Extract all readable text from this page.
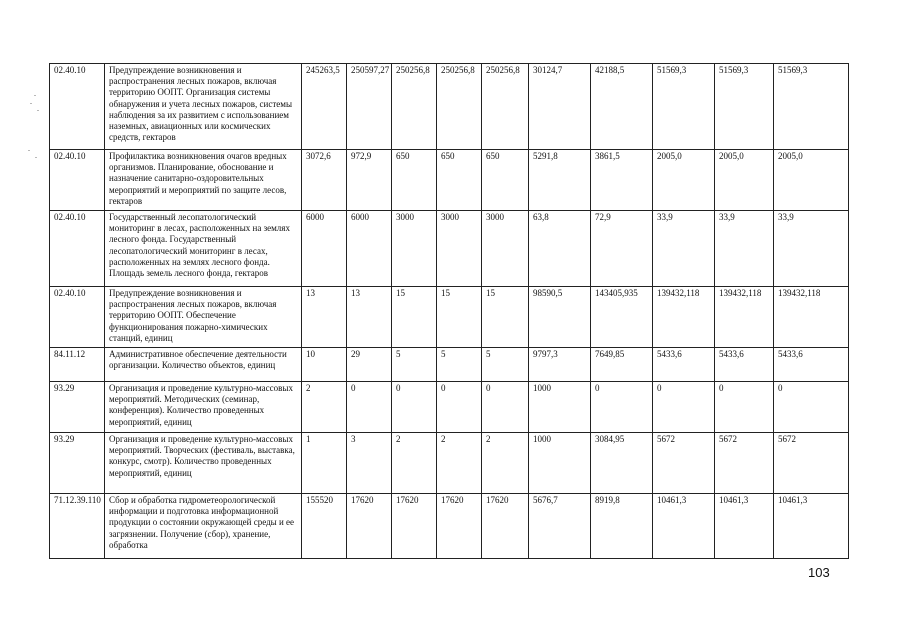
02.40.10	Предупреждение возникновения и распространения лесных пожаров, включая территорию ООПТ. Организация системы обнаружения и учета лесных пожаров, системы наблюдения за их развитием с использованием наземных, авиационных или космических средств, гектаров	245263,5	250597,27	250256,8	250256,8	250256,8	30124,7	42188,5	51569,3	51569,3	51569,3
02.40.10	Профилактика возникновения очагов вредных организмов. Планирование, обоснование и назначение санитарно-оздоровительных мероприятий и мероприятий по защите лесов, гектаров	3072,6	972,9	650	650	650	5291,8	3861,5	2005,0	2005,0	2005,0
02.40.10	Государственный лесопатологический мониторинг в лесах, расположенных на землях лесного фонда. Государственный лесопатологический мониторинг в лесах, расположенных на землях лесного фонда. Площадь земель лесного фонда, гектаров	6000	6000	3000	3000	3000	63,8	72,9	33,9	33,9	33,9
02.40.10	Предупреждение возникновения и распространения лесных пожаров, включая территорию ООПТ. Обеспечение функционирования пожарно-химических станций, единиц	13	13	15	15	15	98590,5	143405,935	139432,118	139432,118	139432,118
84.11.12	Административное обеспечение деятельности организации. Количество объектов, единиц	10	29	5	5	5	9797,3	7649,85	5433,6	5433,6	5433,6
93.29	Организация и проведение культурно-массовых мероприятий. Методических (семинар, конференция). Количество проведенных мероприятий, единиц	2	0	0	0	0	1000	0	0	0	0
93.29	Организация и проведение культурно-массовых мероприятий. Творческих (фестиваль, выставка, конкурс, смотр). Количество проведенных мероприятий, единиц	1	3	2	2	2	1000	3084,95	5672	5672	5672
71.12.39.110	Сбор и обработка гидрометеорологической информации и подготовка информационной продукции о состоянии окружающей среды и ее загрязнении. Получение (сбор), хранение, обработка	155520	17620	17620	17620	17620	5676,7	8919,8	10461,3	10461,3	10461,3
103
